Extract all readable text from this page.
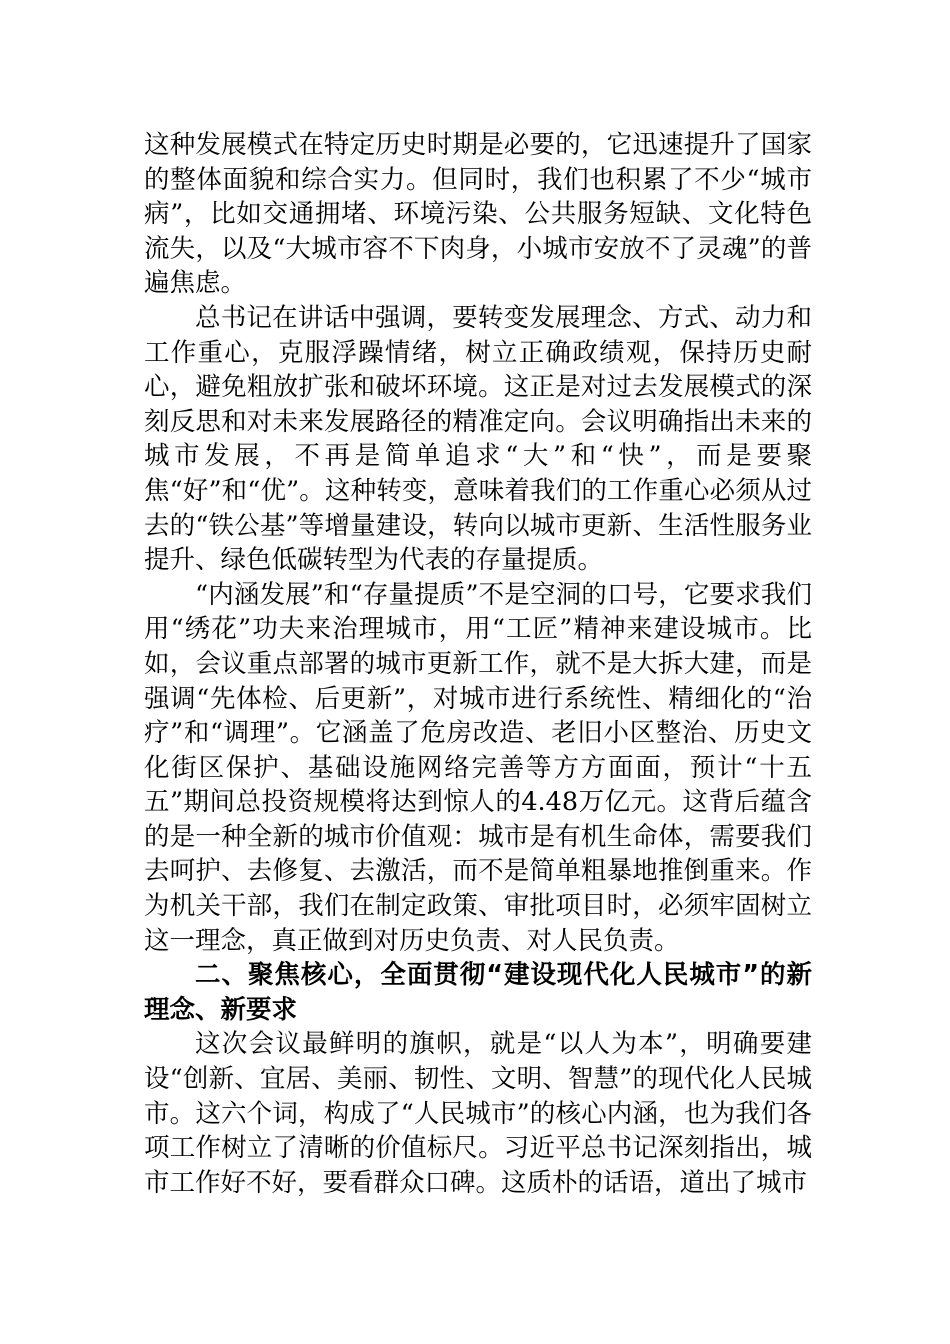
这种发展模式在特定历史时期是必要的，它迅速提升了国家的整体面貌和综合实力。但同时，我们也积累了不少“城市病”，比如交通拥堵、环境污染、公共服务短缺、文化特色流失，以及“大城市容不下肉身，小城市安放不了灵魂”的普遍焦虑。

总书记在讲话中强调，要转变发展理念、方式、动力和工作重心，克服浮躁情绪，树立正确政绩观，保持历史耐心，避免粗放扩张和破坏环境。这正是对过去发展模式的深刻反思和对未来发展路径的精准定向。会议明确指出未来的城市发展，不再是简单追求“大”和“快”，而是要聚焦“好”和“优”。这种转变，意味着我们的工作重心必须从过去的“铁公基”等增量建设，转向以城市更新、生活性服务业提升、绿色低碳转型为代表的存量提质。

“内涵发展”和“存量提质”不是空洞的口号，它要求我们用“绣花”功夫来治理城市，用“工匠”精神来建设城市。比如，会议重点部署的城市更新工作，就不是大拆大建，而是强调“先体检、后更新”，对城市进行系统性、精细化的“治疗”和“调理”。它涵盖了危房改造、老旧小区整治、历史文化街区保护、基础设施网络完善等方方面面，预计“十五五”期间总投资规模将达到惊人的4.48万亿元。这背后蕴含的是一种全新的城市价值观：城市是有机生命体，需要我们去呵护、去修复、去激活，而不是简单粗暴地推倒重来。作为机关干部，我们在制定政策、审批项目时，必须牢固树立这一理念，真正做到对历史负责、对人民负责。

二、聚焦核心，全面贯彻“建设现代化人民城市”的新理念、新要求

这次会议最鲜明的旗帜，就是“以人为本”，明确要建设“创新、宜居、美丽、韧性、文明、智慧”的现代化人民城市。这六个词，构成了“人民城市”的核心内涵，也为我们各项工作树立了清晰的价值标尺。习近平总书记深刻指出，城市工作好不好，要看群众口碑。这质朴的话语，道出了城市
